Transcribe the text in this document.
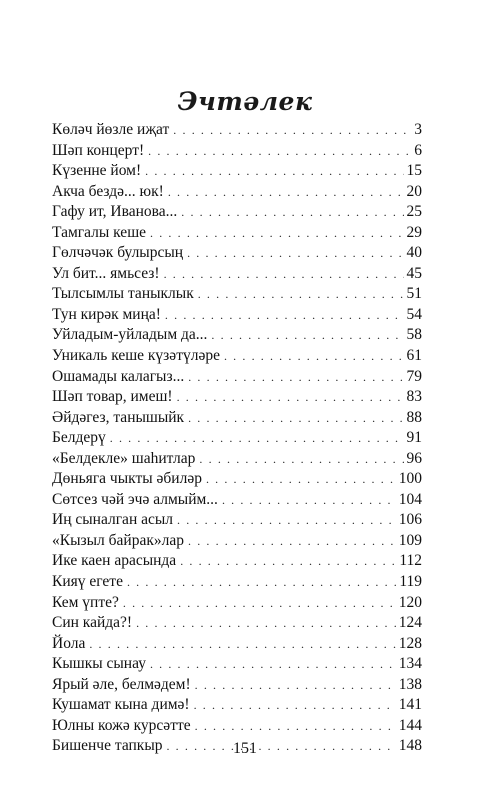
Эчтәлек
Көләч йөзле иҗат . . .	3
Шәп концерт! . . .	6
Күзенне йом! . . .	15
Акча бездә... юк! . . .	20
Гафу ит, Иванова... . . .	25
Тамгалы кеше . . .	29
Гөлчәчәк булырсың . . .	40
Ул бит... ямьсез! . . .	45
Тылсымлы таныклык . . .	51
Тун кирәк миңа! . . .	54
Уйладым-уйладым да... . . .	58
Уникаль кеше күзәтүләре . . .	61
Ошамады калагыз... . . .	79
Шәп товар, имеш! . . .	83
Әйдәгез, танышыйк . . .	88
Белдерү . . .	91
«Белдекле» шаһитлар . . .	96
Дөньяга чыкты әбиләр . . .	100
Сөтсез чәй эчә алмыйм... . . .	104
Иң сыналган асыл . . .	106
«Кызыл байрак»лар . . .	109
Ике каен арасында . . .	112
Кияү егете . . .	119
Кем үпте? . . .	120
Син кайда?! . . .	124
Йола . . .	128
Кышкы сынау . . .	134
Ярый әле, белмәдем! . . .	138
Кушамат кына димә! . . .	141
Юлны кожә курсәтте . . .	144
Бишенче тапкыр . . .	148
151
